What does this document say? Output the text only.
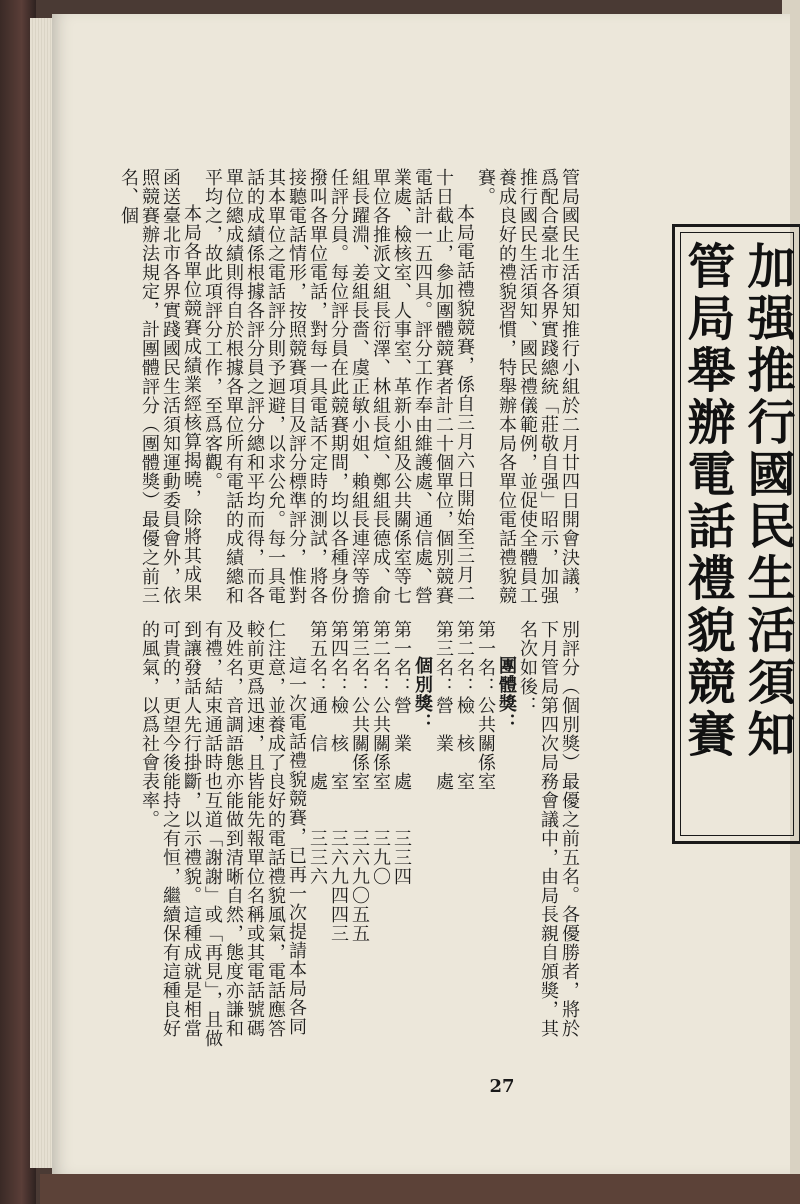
加强推行國民生活須知
管局舉辦電話禮貌競賽

管局國民生活須知推行小組於二月廿四日開會決議，爲配合臺北市各界實踐總統「莊敬自强」昭示，加强推行國民生活須知、國民禮儀範例，並促使全體員工養成良好的禮貌習慣，特舉辦本局各單位電話禮貌競賽。

本局電話禮貌競賽，係自三月六日開始至三月二十日截止，參加團體競賽者計二十個單位，個別競賽電話計一五四具。評分工作奉由維護處、通信處、營業處、檢核室、人事室、革新小組及公共關係室等七單位各推派文組長衍澤、林組長煊、鄭組長德成、俞組長躍淵、姜組長嗇、虞正敏小姐、賴組長連滓等擔任評分員。每位評分員在此競賽期間，均以各種身份撥叫各單位電話，對每一具電話不定時的測試，將各接聽電話情形，按照競賽項目及評分標準評分，惟對其本單位之電話評分則予迴避，以求公允。每一具電話的成績係根據各評分員之評分總和平均而得，而各單位總成績則得自於根據各單位所有電話的成績總和平均之，故此項評分工作，至爲客觀。

本局各單位競賽成績業經核算揭曉，除將其成果函送臺北市各界實踐國民生活須知運動委員會外，依照競賽辦法規定，計團體評分（團體獎）最優之前三名、個

別評分（個別獎）最優之前五名。各優勝者，將於下月管局第四次局務會議中，由局長親自頒獎，其名次如後：

團體獎：

第一名：公共關係室
第二名：檢　核　室
第三名：營　業　處

個別獎：

第一名：營　業　處　　三三四
第二名：公共關係室　　三九〇
第三名：公共關係室　　三六九〇五五
第四名：檢　核　室　　三六九四四三
第五名：通　信　處　　三三六

這一次電話禮貌競賽，已再一次提請本局各同仁注意，並養成了良好的電話禮貌風氣，電話應答較前更爲迅速，且皆能先報單位名稱或其電話號碼及姓名，音調語態亦能做到清晰自然，態度亦謙和有禮，結束通話時也互道「謝謝」或「再見」，且做到讓發話人先行掛斷，以示禮貌。這種成就是相當可貴的，更望今後能持之有恒，繼續保有這種良好的風氣，以爲社會表率。

27
